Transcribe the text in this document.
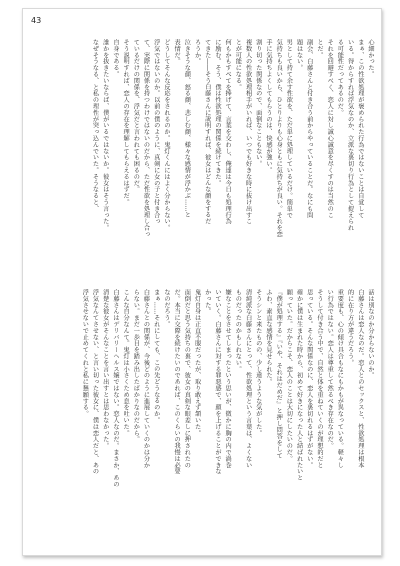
43
心細かった。
まぁ、この性欲処理が褒められた行為ではないことは自覚して
いる。得からすれば浮気なのか、立派な裏切り行為として捉えられ
る可能性だってあるのだ。
それを回避すべく、恋人に対し誠心誠意を尽くすのは当然のこ
とだ。
副会、白藤さんと付き合う前からやっていることだ。なにも問
題はない。
男として持て余す性欲を、ただ単に処理しているだけ。簡単で
気持ちも良いから、ひとりよりも心身ともに気持ちが良い。それを恋
手に気持ちよくしてもらうのは、快感が強い。
割り切った関係なので、面倒なこともない。
複数人の性欲処理相手がいれば、いつでも好きな時に抜け出すこ
とが可能になる。
何もかもすべてを捧げて、言葉を交わし、俺達は今日も処理行為
に励む。そう、僕は性欲処理の関係を続けてきた。
てきた――そう白藤さんに説明すれば、彼女はどんな顔をするだ
ろうか。
泣きそうな顔、怒る顔、悲しむ顔、様々な感情が浮かぶ……と
表情だ。
どうしてそんな反応をされるのか。鬼灯くんにはよく分からない。
浮気ではないのか。以前の僕のように、真剣に女の子と付き合っ
て、実際に関係を持つわけではないのだから、ただ性欲を処理し合っ
ているだけの関係を、浮気だと言われても困るのだ。
そう説明すれば、恋人の存在を理解してもらえるはずだ。
自身である。
誰かを抜きたいならば、僕がいるではないか。彼女はそう言った。
なぜそうなる、と私の理性が突っ込んでいた。そうなると、
話は別なのか分からないのか。
白藤さんは恋人なのだ。恋人とのセックスと、性欲処理は根本
的に在り方が違うだろう。
重要度も、心の傾け具合もなにもかもが異なっている。軽々し
い行為ではない。恋人は尊重して然るべき存在なのだ。
そうして付き合う中で、自然と体を重ねていくのが理想的だと
思っている。そんな関係なのに、恋人を裏切れるはずがない。
確かに僕は生まれた時から、初めて好きになった人と結ばれたいと
願っていた。だからこそ、恋人のことは大切にしたいのだ。
『僕が処理する』『いや、それはだめだ』と押し問答をして
ふわ、素直な感情を見せられた。
そうシンと来たものの、少し違うような気がした。
清純派な白藤さんにとって、性欲処理という言葉は、よくない
ものだったのかもしれない。
嫌なことをさせてしまったという思いが、微かに胸の内で渦巻
いていく。白藤さんに対する罪悪感で、顔を上げることができな
かった。
鬼灯自身は正直不服だったが、取り敢えず頷いた。
面倒だと思う気持ちの裏で、彼女の真剣な眼差しに押されたの
だ。本当に交際を続けたいのであれば、このくらいの我慢は必要
なのだろう。
まぁ……それにしても、この先どうなるのか。
白藤さんとの関係が、今後どのように進展していくのかは分か
らない。まだ一歩目を踏み出したばかりなのだから。
こんな自分なんて。鬼灯は小さくため息を吐いた。
白藤さんはデリバリーヘルス嬢ではない。恋人なのだ。まさか、あの
清楚な彼女がそんなことを言い出すとは思わなかった。
浮気なんてさせない、と言い切った彼女に、僕は恋人だと、あの
浮気させないで止めてくれと私に懇願する。
